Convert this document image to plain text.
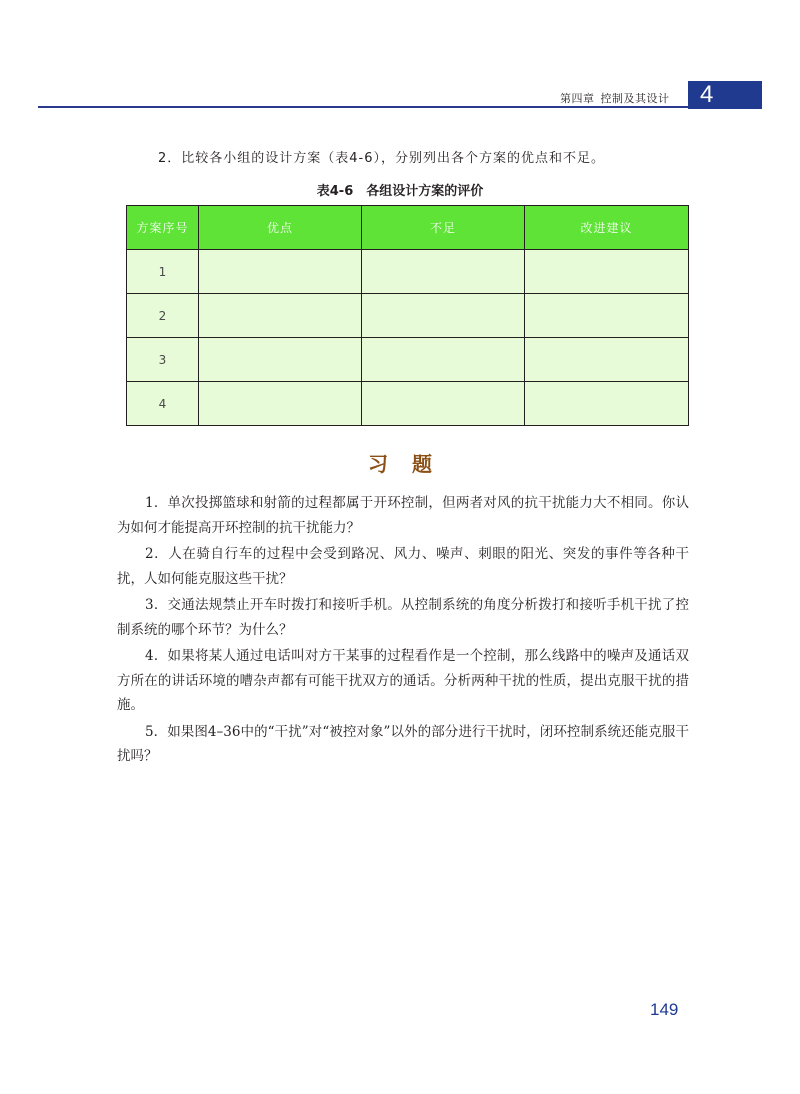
第四章 控制及其设计	4
2．比较各小组的设计方案（表4-6），分别列出各个方案的优点和不足。
表4-6　各组设计方案的评价
方案序号	优点	不足	改进建议
1			
2			
3			
4			
习题

1．单次投掷篮球和射箭的过程都属于开环控制，但两者对风的抗干扰能力大不相同。你认为如何才能提高开环控制的抗干扰能力？

2．人在骑自行车的过程中会受到路况、风力、噪声、刺眼的阳光、突发的事件等各种干扰，人如何能克服这些干扰？

3．交通法规禁止开车时拨打和接听手机。从控制系统的角度分析拨打和接听手机干扰了控制系统的哪个环节？为什么？

4．如果将某人通过电话叫对方干某事的过程看作是一个控制，那么线路中的噪声及通话双方所在的讲话环境的嘈杂声都有可能干扰双方的通话。分析两种干扰的性质，提出克服干扰的措施。

5．如果图4–36中的“干扰”对“被控对象”以外的部分进行干扰时，闭环控制系统还能克服干扰吗？

149
